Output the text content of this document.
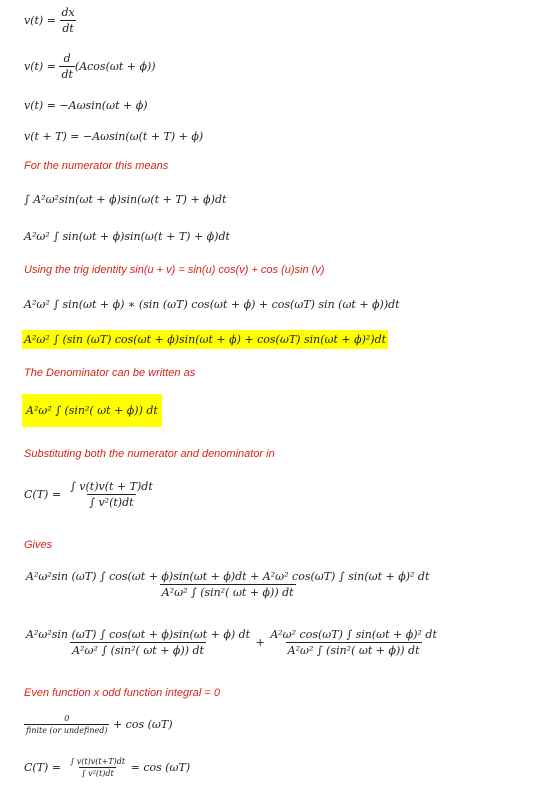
v(t) =
$\frac{dx}{dt}$
v(t) =
$\frac{d}{dt} (Acos(\omega t + \phi))$
v(t) = −Aωsin(ωt + ϕ)
v(t + T) = −Aωsin(ω(t + T) + ϕ)
For the numerator this means
∫ A²ω²sin(ωt + ϕ)sin(ω(t + T) + ϕ)dt
A²ω² ∫ sin(ωt + ϕ)sin(ω(t + T) + ϕ)dt
Using the trig identity sin(u + v) = sin(u) cos(v) + cos (u)sin (v)
A²ω² ∫ sin(ωt + ϕ) ∗ (sin (ωT) cos(ωt + ϕ) + cos(ωT) sin (ωt + ϕ))dt
A²ω² ∫ (sin (ωT) cos(ωt + ϕ)sin(ωt + ϕ) + cos(ωT) sin(ωt + ϕ)²)dt
The Denominator can be written as
A²ω² ∫ (sin²( ωt + ϕ)) dt
Substituting both the numerator and denominator in
C(T) =
$\frac{\int v(t)v(t + T)dt}{\text{∫ v²(t)dt}}$
Gives
A²ω²sin (ωT) ∫ cos(ωt + ϕ)sin(ωt + ϕ)dt + A²ω² cos(ωT) ∫ sin(ωt + ϕ)² dt
A²ω² ∫ (sin²( ωt + ϕ)) dt
$\frac{\text{A²ω²sin (ωT) ∫ cos(ωt + ϕ)sin(ωt + ϕ) dt}}{\text{A²ω² ∫ (sin²( ωt + ϕ)) dt}}$
+
$\frac{\text{A²ω² cos(ωT) ∫ sin(ωt + ϕ)² dt}}{\text{A²ω² ∫ (sin²( ωt + ϕ)) dt}}$
Even function x odd function integral = 0
$\frac{0}{\text{finite (or undefined)}}$
+ cos (ωT)
C(T) =
$\frac{\int v(t)v(t+T)dt}{\text{∫ v²(t)dt}}$
= cos (ωT)
